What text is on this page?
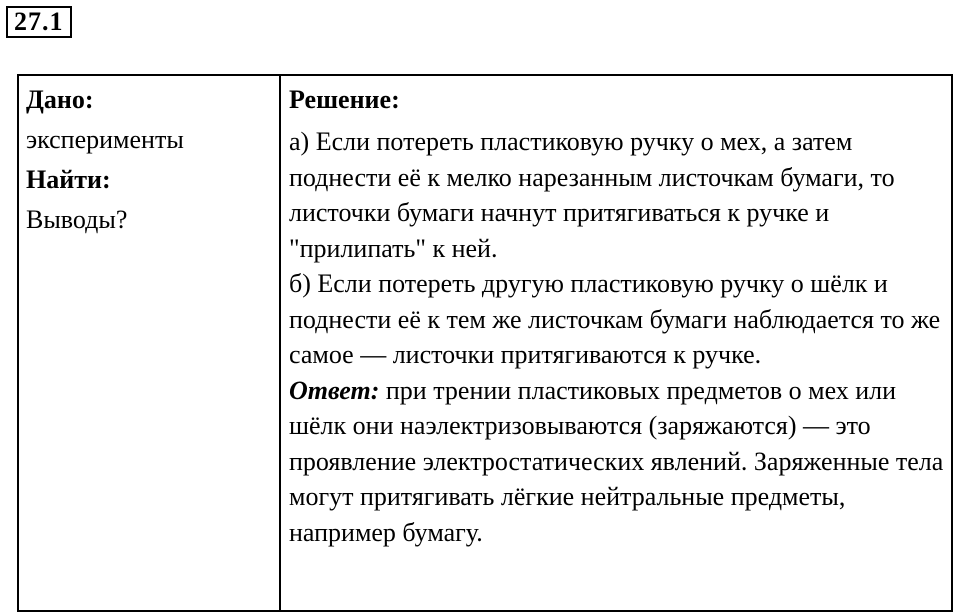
27.1
Дано:
эксперименты
Найти:
Выводы?
Решение:
а) Если потереть пластиковую ручку о мех, а затем поднести её к мелко нарезанным листочкам бумаги, то листочки бумаги начнут притягиваться к ручке и "прилипать" к ней.
б) Если потереть другую пластиковую ручку о шёлк и поднести её к тем же листочкам бумаги наблюдается то же самое — листочки притягиваются к ручке.
Ответ: при трении пластиковых предметов о мех или шёлк они наэлектризовываются (заряжаются) — это проявление электростатических явлений. Заряженные тела могут притягивать лёгкие нейтральные предметы, например бумагу.
